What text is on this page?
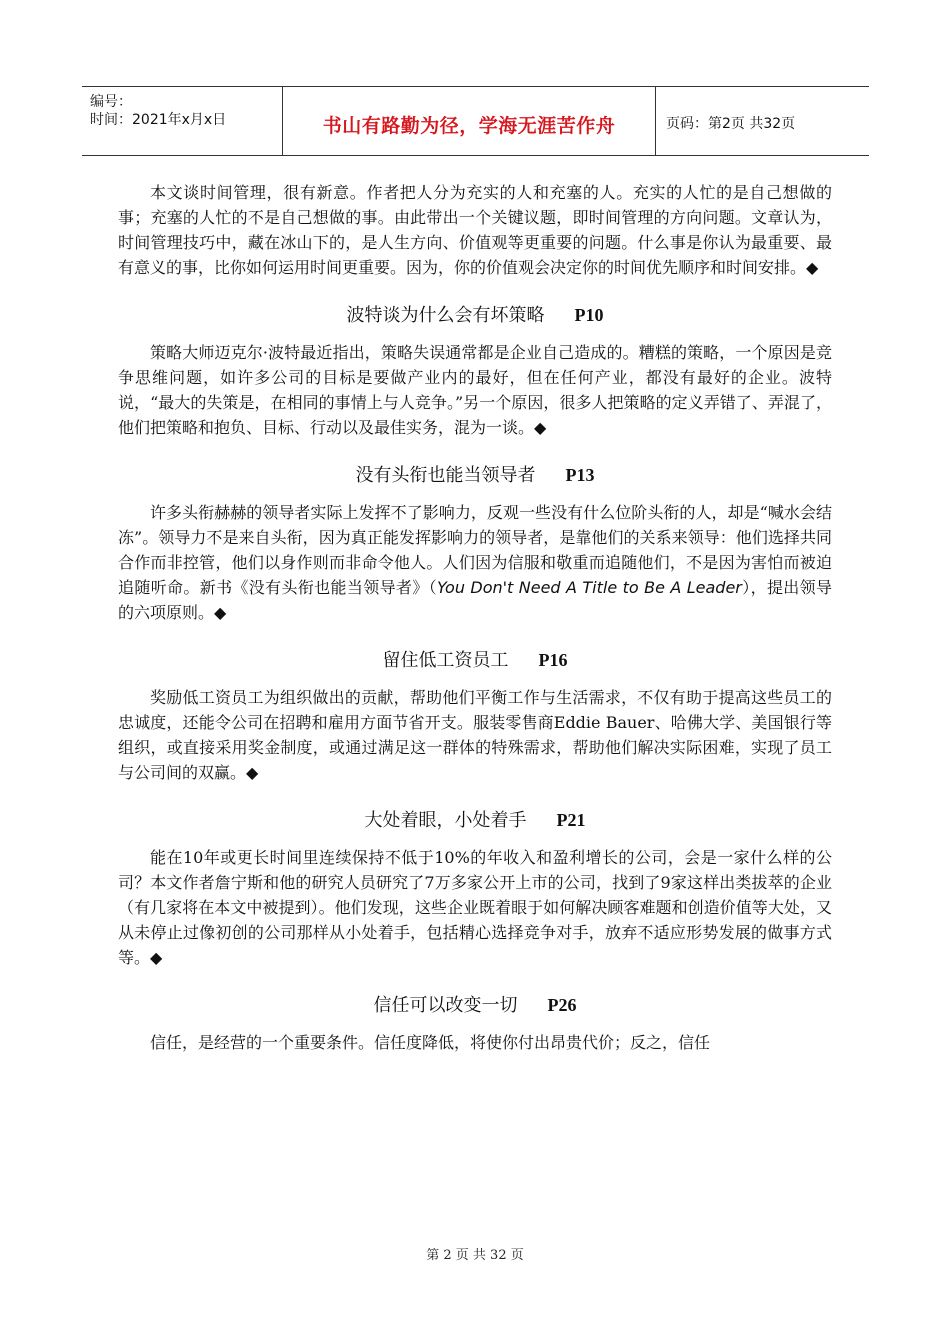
编号：
时间：2021年x月x日	书山有路勤为径，学海无涯苦作舟	页码：第2页 共32页

本文谈时间管理，很有新意。作者把人分为充实的人和充塞的人。充实的人忙的是自己想做的事；充塞的人忙的不是自己想做的事。由此带出一个关键议题，即时间管理的方向问题。文章认为，时间管理技巧中，藏在冰山下的，是人生方向、价值观等更重要的问题。什么事是你认为最重要、最有意义的事，比你如何运用时间更重要。因为，你的价值观会决定你的时间优先顺序和时间安排。◆

波特谈为什么会有坏策略 P10

策略大师迈克尔·波特最近指出，策略失误通常都是企业自己造成的。糟糕的策略，一个原因是竞争思维问题，如许多公司的目标是要做产业内的最好，但在任何产业，都没有最好的企业。波特说，“最大的失策是，在相同的事情上与人竞争。”另一个原因，很多人把策略的定义弄错了、弄混了，他们把策略和抱负、目标、行动以及最佳实务，混为一谈。◆

没有头衔也能当领导者 P13

许多头衔赫赫的领导者实际上发挥不了影响力，反观一些没有什么位阶头衔的人，却是“喊水会结冻”。领导力不是来自头衔，因为真正能发挥影响力的领导者，是靠他们的关系来领导：他们选择共同合作而非控管，他们以身作则而非命令他人。人们因为信服和敬重而追随他们，不是因为害怕而被迫追随听命。新书《没有头衔也能当领导者》（You Don't Need A Title to Be A Leader），提出领导的六项原则。◆

留住低工资员工 P16

奖励低工资员工为组织做出的贡献，帮助他们平衡工作与生活需求，不仅有助于提高这些员工的忠诚度，还能令公司在招聘和雇用方面节省开支。服装零售商Eddie Bauer、哈佛大学、美国银行等组织，或直接采用奖金制度，或通过满足这一群体的特殊需求，帮助他们解决实际困难，实现了员工与公司间的双赢。◆

大处着眼，小处着手 P21

能在10年或更长时间里连续保持不低于10%的年收入和盈利增长的公司，会是一家什么样的公司？本文作者詹宁斯和他的研究人员研究了7万多家公开上市的公司，找到了9家这样出类拔萃的企业（有几家将在本文中被提到）。他们发现，这些企业既着眼于如何解决顾客难题和创造价值等大处，又从未停止过像初创的公司那样从小处着手，包括精心选择竞争对手，放弃不适应形势发展的做事方式等。◆

信任可以改变一切 P26

信任，是经营的一个重要条件。信任度降低，将使你付出昂贵代价；反之，信任

第 2 页 共 32 页
